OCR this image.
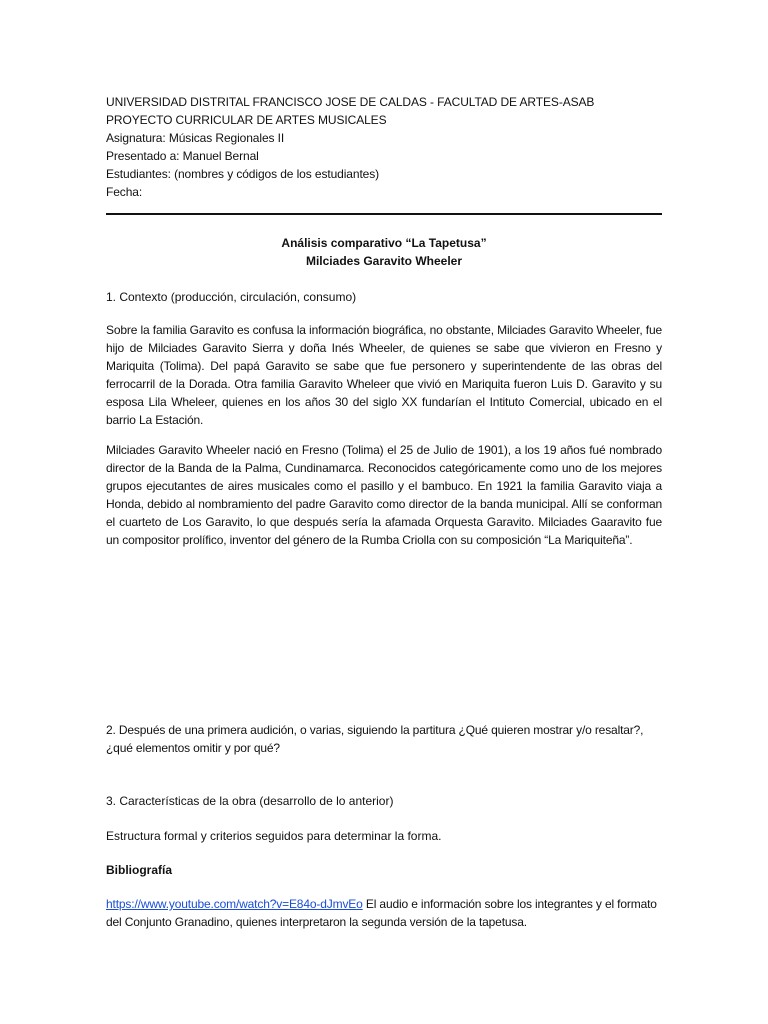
UNIVERSIDAD DISTRITAL FRANCISCO JOSE DE CALDAS - FACULTAD DE ARTES-ASAB
PROYECTO CURRICULAR DE ARTES MUSICALES
Asignatura: Músicas Regionales II
Presentado a: Manuel Bernal
Estudiantes: (nombres y códigos de los estudiantes)
Fecha:
Análisis comparativo “La Tapetusa”
Milciades Garavito Wheeler
1. Contexto (producción, circulación, consumo)
Sobre la familia Garavito es confusa la información biográfica, no obstante, Milciades Garavito Wheeler, fue hijo de Milciades Garavito Sierra y doña Inés Wheeler, de quienes se sabe que vivieron en Fresno y Mariquita (Tolima). Del papá Garavito se sabe que fue personero y superintendente de las obras del ferrocarril de la Dorada. Otra familia Garavito Wheleer que vivió en Mariquita fueron Luis D. Garavito y su esposa Lila Wheleer, quienes en los años 30 del siglo XX fundarían el Intituto Comercial, ubicado en el barrio La Estación.
Milciades Garavito Wheeler nació en Fresno (Tolima) el 25 de Julio de 1901), a los 19 años fué nombrado director de la Banda de la Palma, Cundinamarca. Reconocidos categóricamente como uno de los mejores grupos ejecutantes de aires musicales como el pasillo y el bambuco. En 1921 la familia Garavito viaja a Honda, debido al nombramiento del padre Garavito como director de la banda municipal. Allí se conforman el cuarteto de Los Garavito, lo que después sería la afamada Orquesta Garavito. Milciades Gaaravito fue un compositor prolífico, inventor del género de la Rumba Criolla con su composición “La Mariquiteña”.
2. Después de una primera audición, o varias, siguiendo la partitura ¿Qué quieren mostrar y/o resaltar?, ¿qué elementos omitir y por qué?
3. Características de la obra (desarrollo de lo anterior)
Estructura formal y criterios seguidos para determinar la forma.
Bibliografía
https://www.youtube.com/watch?v=E84o-dJmvEo El audio e información sobre los integrantes y el formato del Conjunto Granadino, quienes interpretaron la segunda versión de la tapetusa.
